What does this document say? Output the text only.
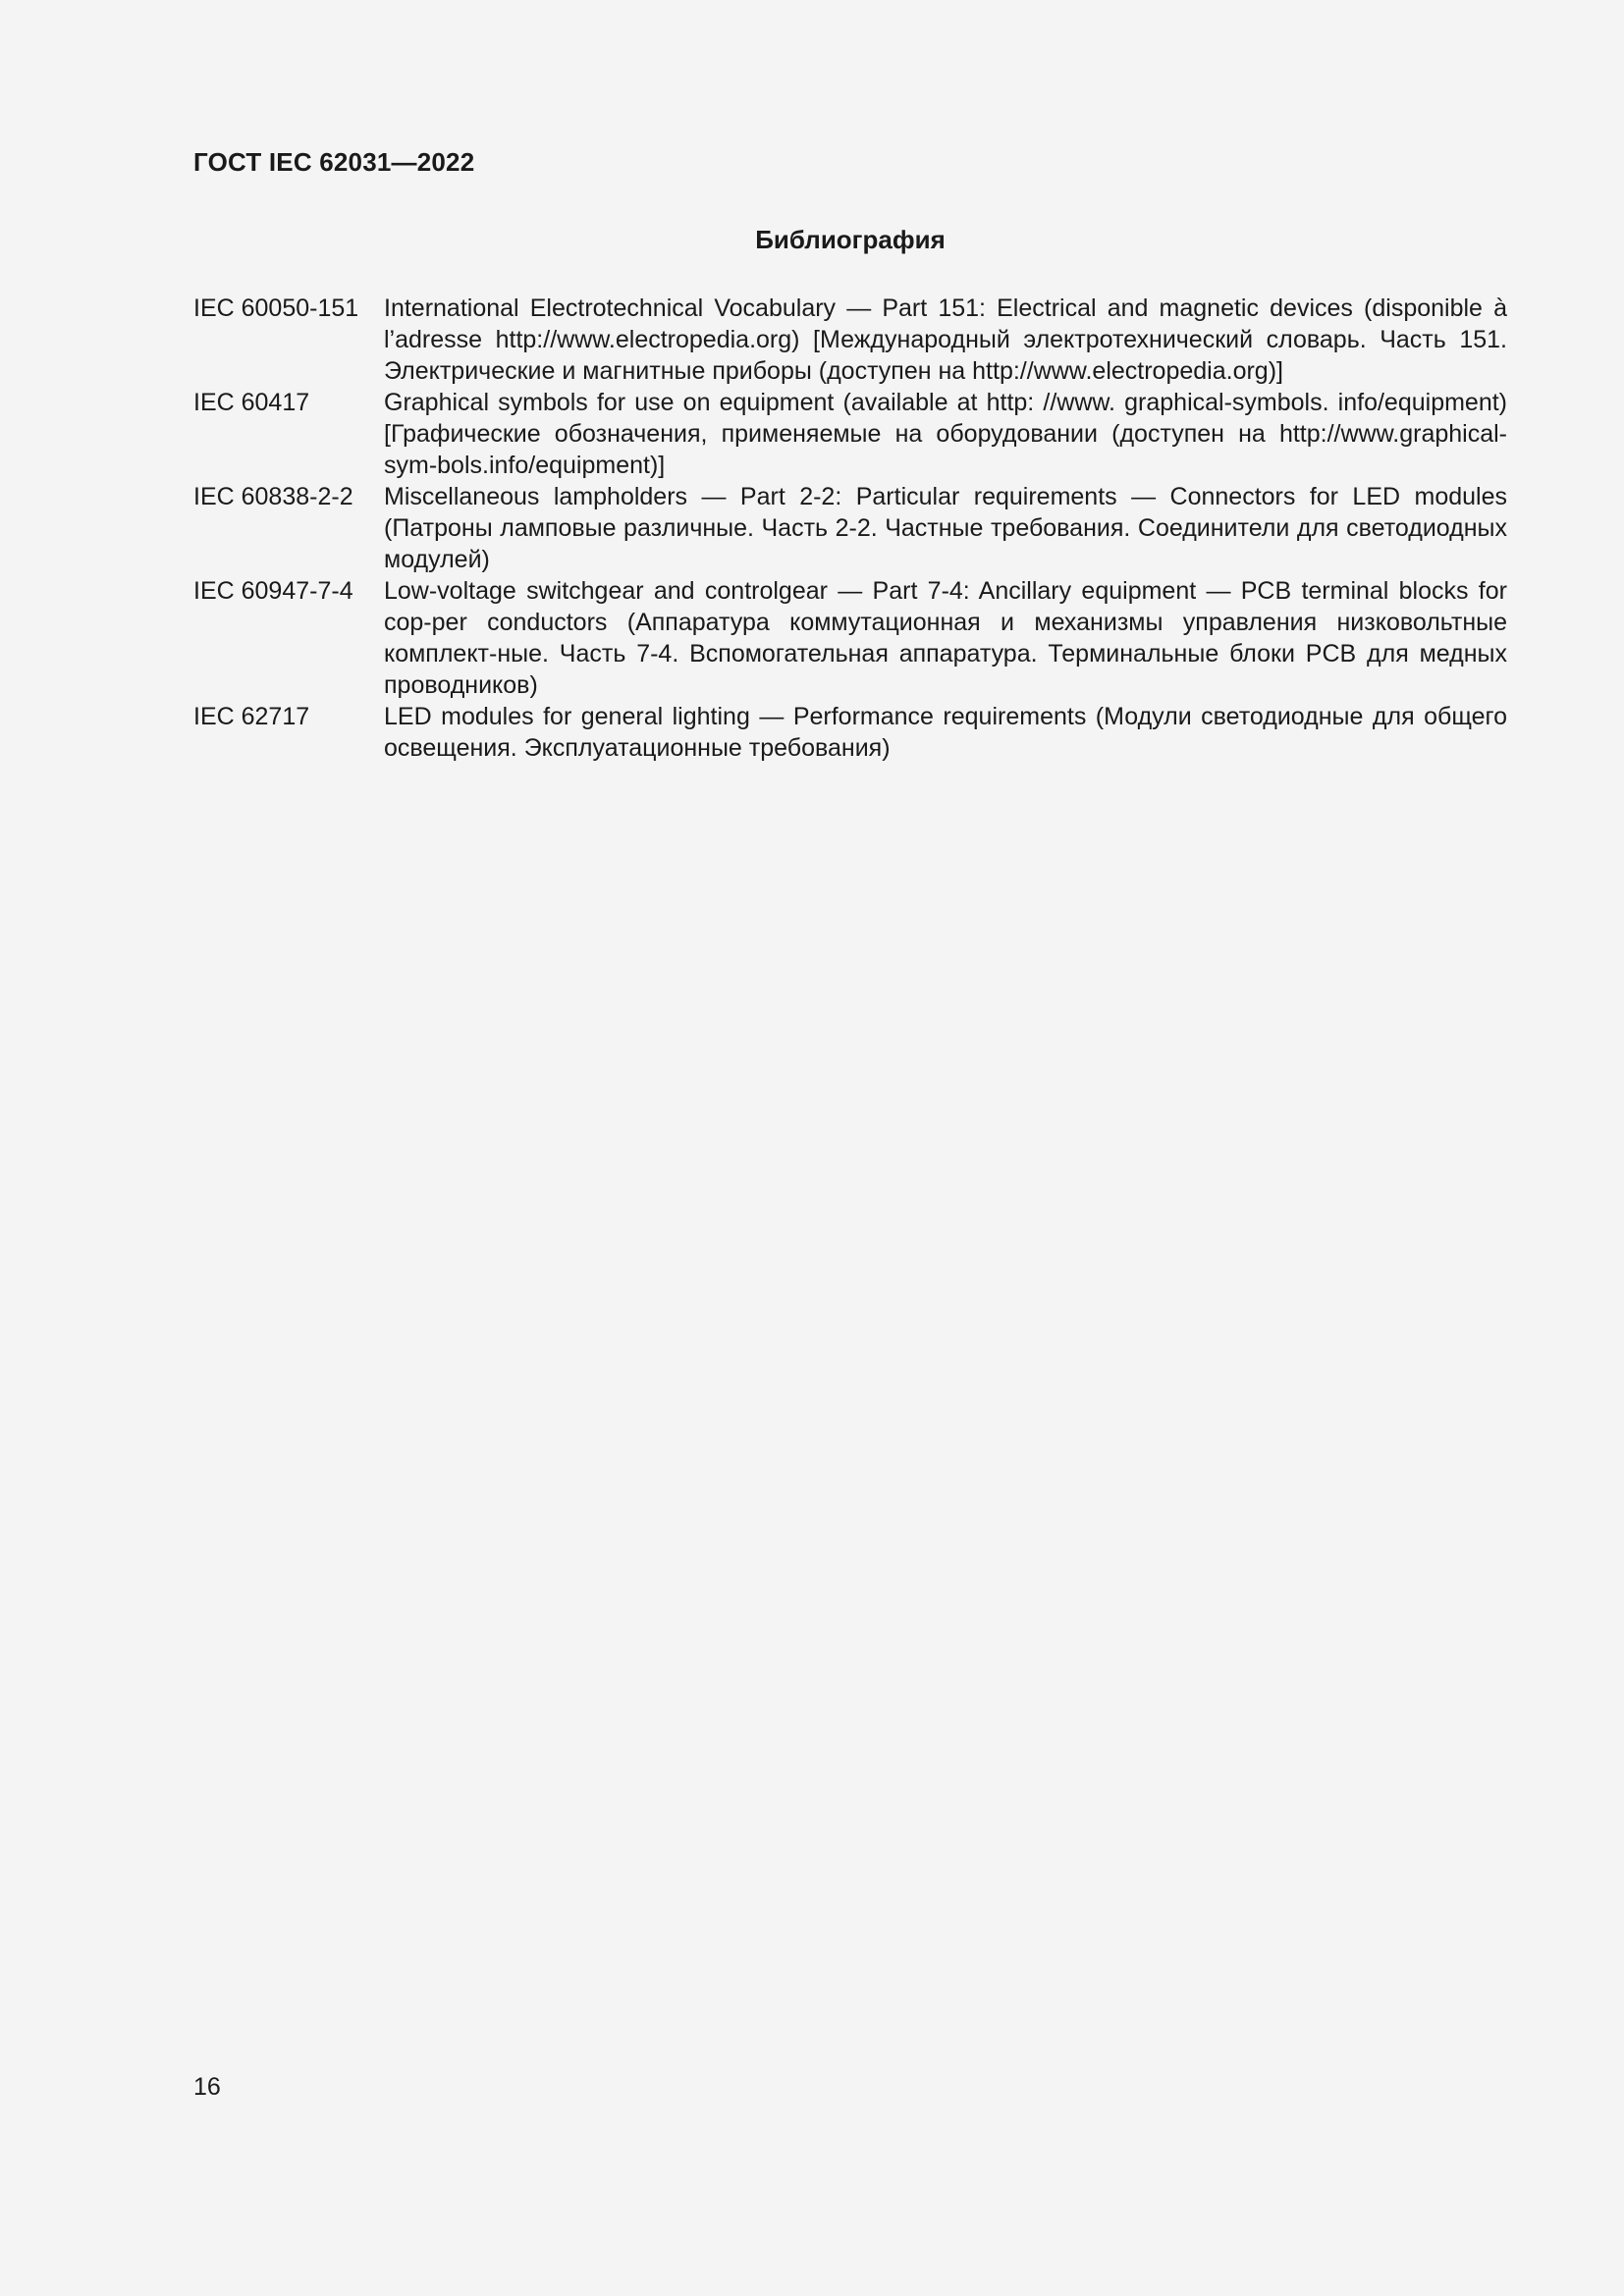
ГОСТ IEC 62031—2022
Библиография
IEC 60050-151	International Electrotechnical Vocabulary — Part 151: Electrical and magnetic devices (disponible à l’adresse http://www.electropedia.org) [Международный электротехнический словарь. Часть 151. Электрические и магнитные приборы (доступен на http://www.electropedia.org)]
IEC 60417	Graphical symbols for use on equipment (available at http: //www. graphical-symbols. info/equipment) [Графические обозначения, применяемые на оборудовании (доступен на http://www.graphical-sym-bols.info/equipment)]
IEC 60838-2-2	Miscellaneous lampholders — Part 2-2: Particular requirements — Connectors for LED modules (Патроны ламповые различные. Часть 2-2. Частные требования. Соединители для светодиодных модулей)
IEC 60947-7-4	Low-voltage switchgear and controlgear — Part 7-4: Ancillary equipment — PCB terminal blocks for cop-per conductors (Аппаратура коммутационная и механизмы управления низковольтные комплект-ные. Часть 7-4. Вспомогательная аппаратура. Терминальные блоки PCB для медных проводников)
IEC 62717	LED modules for general lighting — Performance requirements (Модули светодиодные для общего освещения. Эксплуатационные требования)
16
